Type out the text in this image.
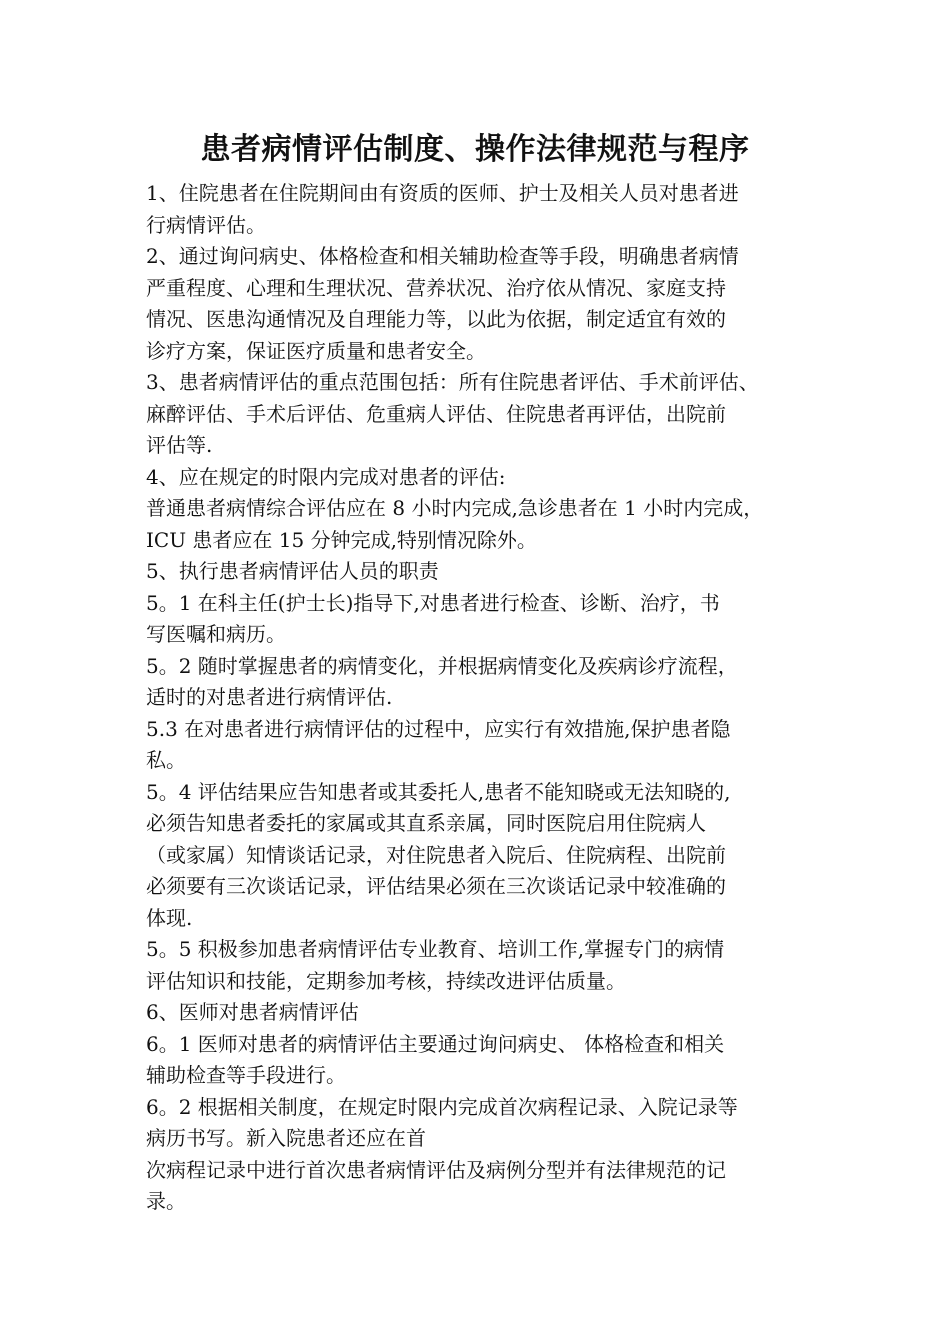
患者病情评估制度、操作法律规范与程序
1、住院患者在住院期间由有资质的医师、护士及相关人员对患者进
行病情评估。
2、通过询问病史、体格检查和相关辅助检查等手段，明确患者病情
严重程度、心理和生理状况、营养状况、治疗依从情况、家庭支持
情况、医患沟通情况及自理能力等，以此为依据，制定适宜有效的
诊疗方案，保证医疗质量和患者安全。
3、患者病情评估的重点范围包括：所有住院患者评估、手术前评估、
麻醉评估、手术后评估、危重病人评估、住院患者再评估，出院前
评估等.
4、应在规定的时限内完成对患者的评估:
普通患者病情综合评估应在 8 小时内完成,急诊患者在 1 小时内完成，
ICU 患者应在 15 分钟完成,特别情况除外。
5、执行患者病情评估人员的职责
5。1 在科主任(护士长)指导下,对患者进行检查、诊断、治疗，书
写医嘱和病历。
5。2 随时掌握患者的病情变化，并根据病情变化及疾病诊疗流程，
适时的对患者进行病情评估.
5.3 在对患者进行病情评估的过程中，应实行有效措施,保护患者隐
私。
5。4 评估结果应告知患者或其委托人,患者不能知晓或无法知晓的,
必须告知患者委托的家属或其直系亲属，同时医院启用住院病人
（或家属）知情谈话记录，对住院患者入院后、住院病程、出院前
必须要有三次谈话记录，评估结果必须在三次谈话记录中较准确的
体现.
5。5 积极参加患者病情评估专业教育、培训工作,掌握专门的病情
评估知识和技能，定期参加考核，持续改进评估质量。
6、医师对患者病情评估
6。1 医师对患者的病情评估主要通过询问病史、 体格检查和相关
辅助检查等手段进行。
6。2 根据相关制度，在规定时限内完成首次病程记录、入院记录等
病历书写。新入院患者还应在首
次病程记录中进行首次患者病情评估及病例分型并有法律规范的记
录。
